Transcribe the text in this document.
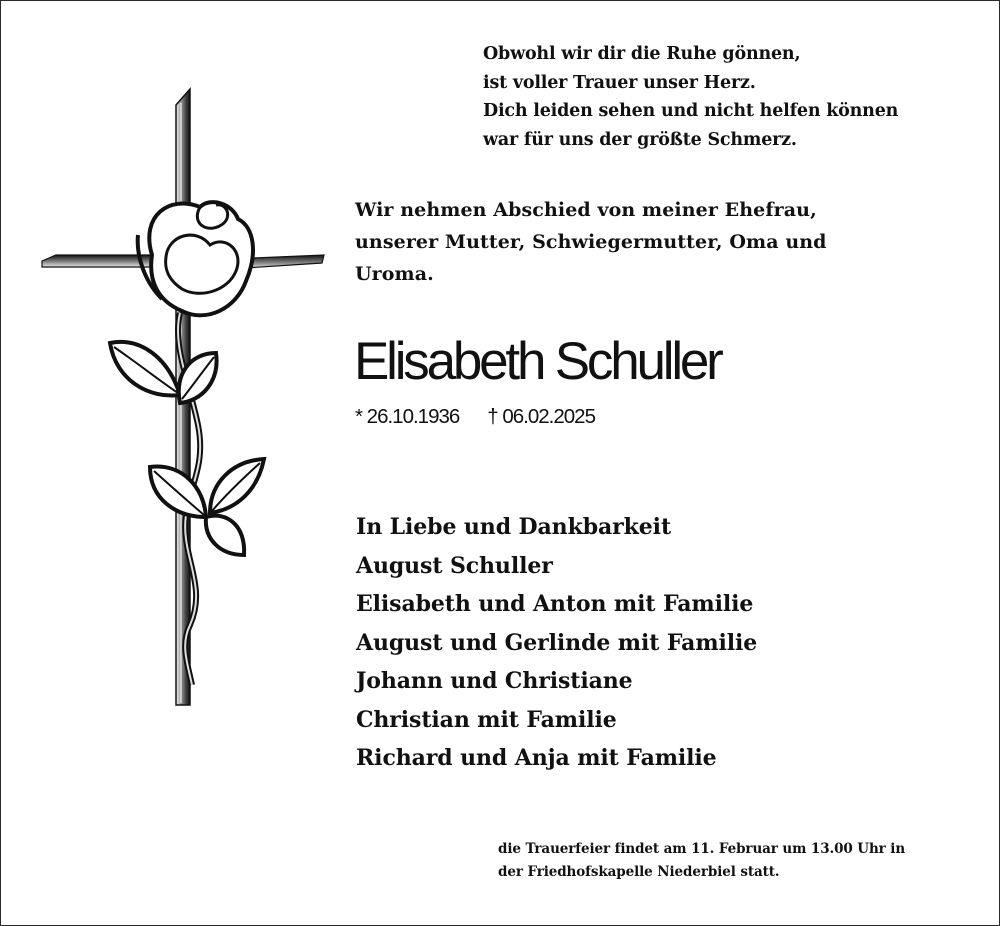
Obwohl wir dir die Ruhe gönnen,
ist voller Trauer unser Herz.
Dich leiden sehen und nicht helfen können
war für uns der größte Schmerz.
Wir nehmen Abschied von meiner Ehefrau,
unserer Mutter, Schwiegermutter, Oma und
Uroma.
Elisabeth Schuller
* 26.10.1936 † 06.02.2025
In Liebe und Dankbarkeit
August Schuller
Elisabeth und Anton mit Familie
August und Gerlinde mit Familie
Johann und Christiane
Christian mit Familie
Richard und Anja mit Familie
die Trauerfeier findet am 11. Februar um 13.00 Uhr in
der Friedhofskapelle Niederbiel statt.
